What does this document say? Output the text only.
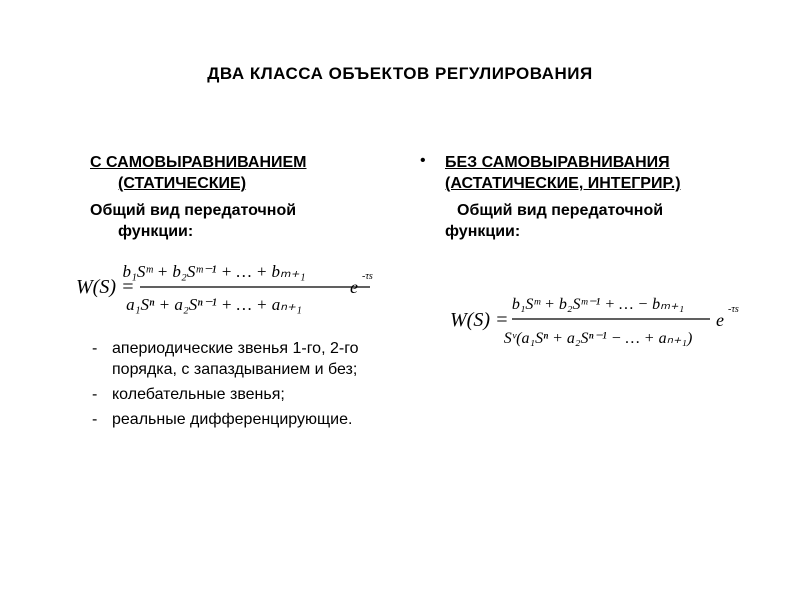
ДВА КЛАССА ОБЪЕКТОВ РЕГУЛИРОВАНИЯ
С САМОВЫРАВНИВАНИЕМ
(СТАТИЧЕСКИЕ)
Общий вид передаточной
функции:
W(S) =
b₁Sᵐ + b₂Sᵐ⁻¹ + … + bₘ₊₁
a₁Sⁿ + a₂Sⁿ⁻¹ + … + aₙ₊₁
e
-τs
- апериодические звенья 1-го, 2-го порядка, с запаздыванием и без;
- колебательные звенья;
- реальные дифференцирующие.
• БЕЗ САМОВЫРАВНИВАНИЯ
(АСТАТИЧЕСКИЕ, ИНТЕГРИР.)
Общий вид передаточной
функции:
W(S) =
b₁Sᵐ + b₂Sᵐ⁻¹ + … − bₘ₊₁
Sᵛ(a₁Sⁿ + a₂Sⁿ⁻¹ − … + aₙ₊₁)
e
-τs
